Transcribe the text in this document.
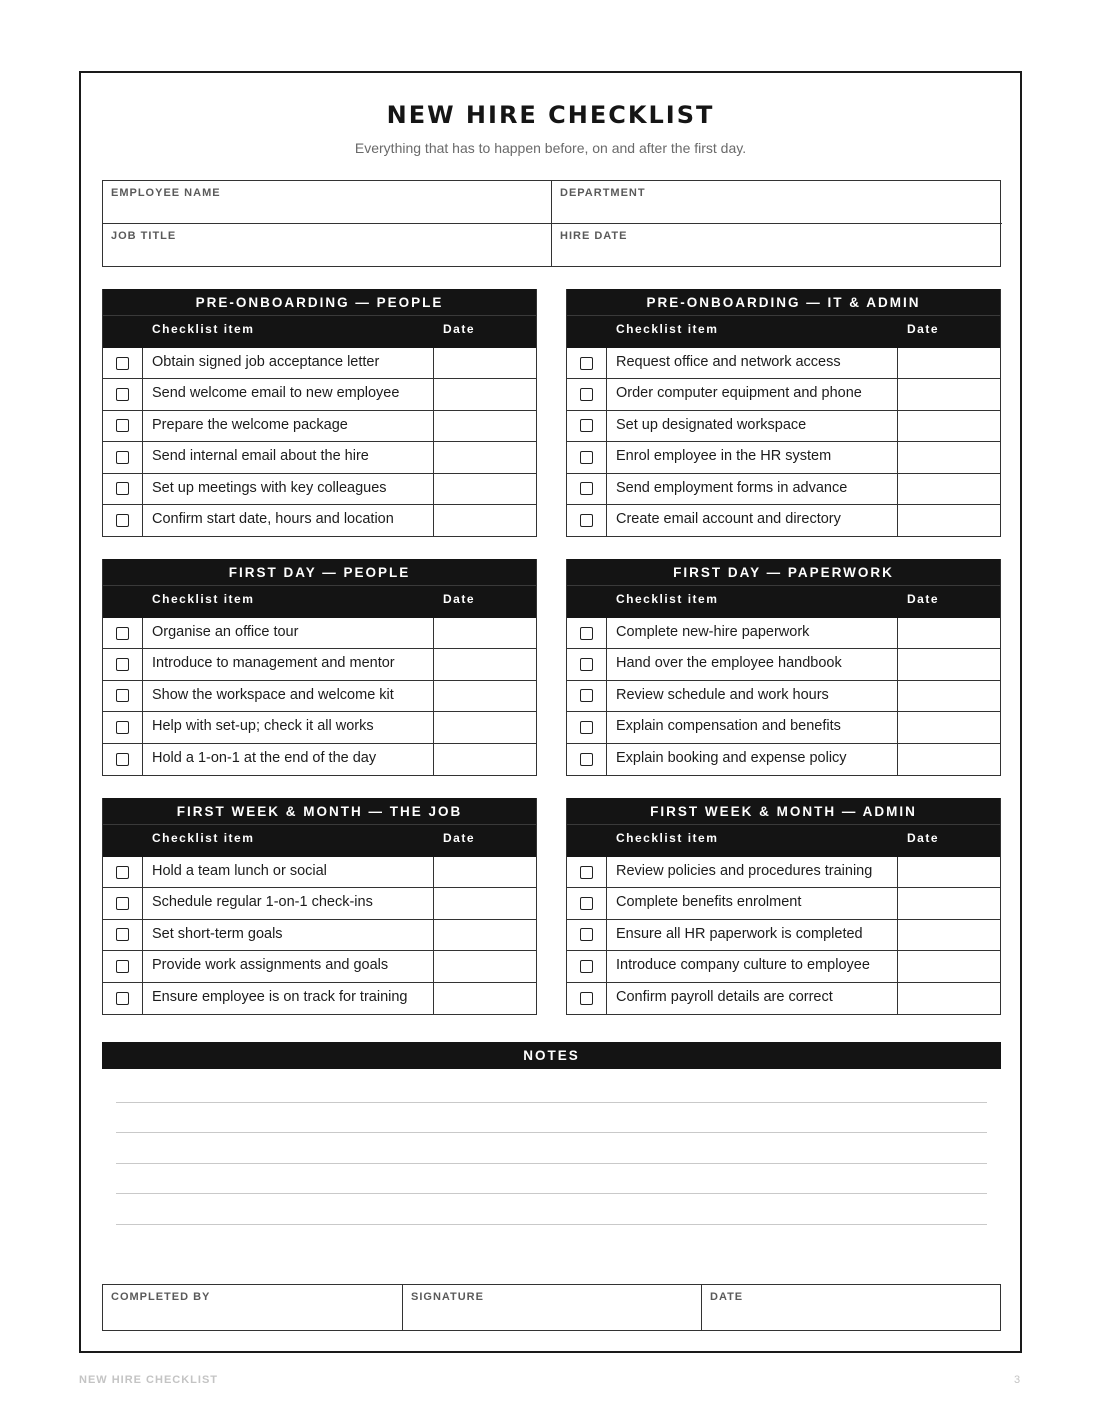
NEW HIRE CHECKLIST
Everything that has to happen before, on and after the first day.
EMPLOYEE NAME	DEPARTMENT
JOB TITLE	HIRE DATE
PRE-ONBOARDING — PEOPLE
Checklist item	Date
Obtain signed job acceptance letter
Send welcome email to new employee
Prepare the welcome package
Send internal email about the hire
Set up meetings with key colleagues
Confirm start date, hours and location
PRE-ONBOARDING — IT & ADMIN
Checklist item	Date
Request office and network access
Order computer equipment and phone
Set up designated workspace
Enrol employee in the HR system
Send employment forms in advance
Create email account and directory
FIRST DAY — PEOPLE
Checklist item	Date
Organise an office tour
Introduce to management and mentor
Show the workspace and welcome kit
Help with set-up; check it all works
Hold a 1-on-1 at the end of the day
FIRST DAY — PAPERWORK
Checklist item	Date
Complete new-hire paperwork
Hand over the employee handbook
Review schedule and work hours
Explain compensation and benefits
Explain booking and expense policy
FIRST WEEK & MONTH — THE JOB
Checklist item	Date
Hold a team lunch or social
Schedule regular 1-on-1 check-ins
Set short-term goals
Provide work assignments and goals
Ensure employee is on track for training
FIRST WEEK & MONTH — ADMIN
Checklist item	Date
Review policies and procedures training
Complete benefits enrolment
Ensure all HR paperwork is completed
Introduce company culture to employee
Confirm payroll details are correct
NOTES
COMPLETED BY	SIGNATURE	DATE
NEW HIRE CHECKLIST	3
